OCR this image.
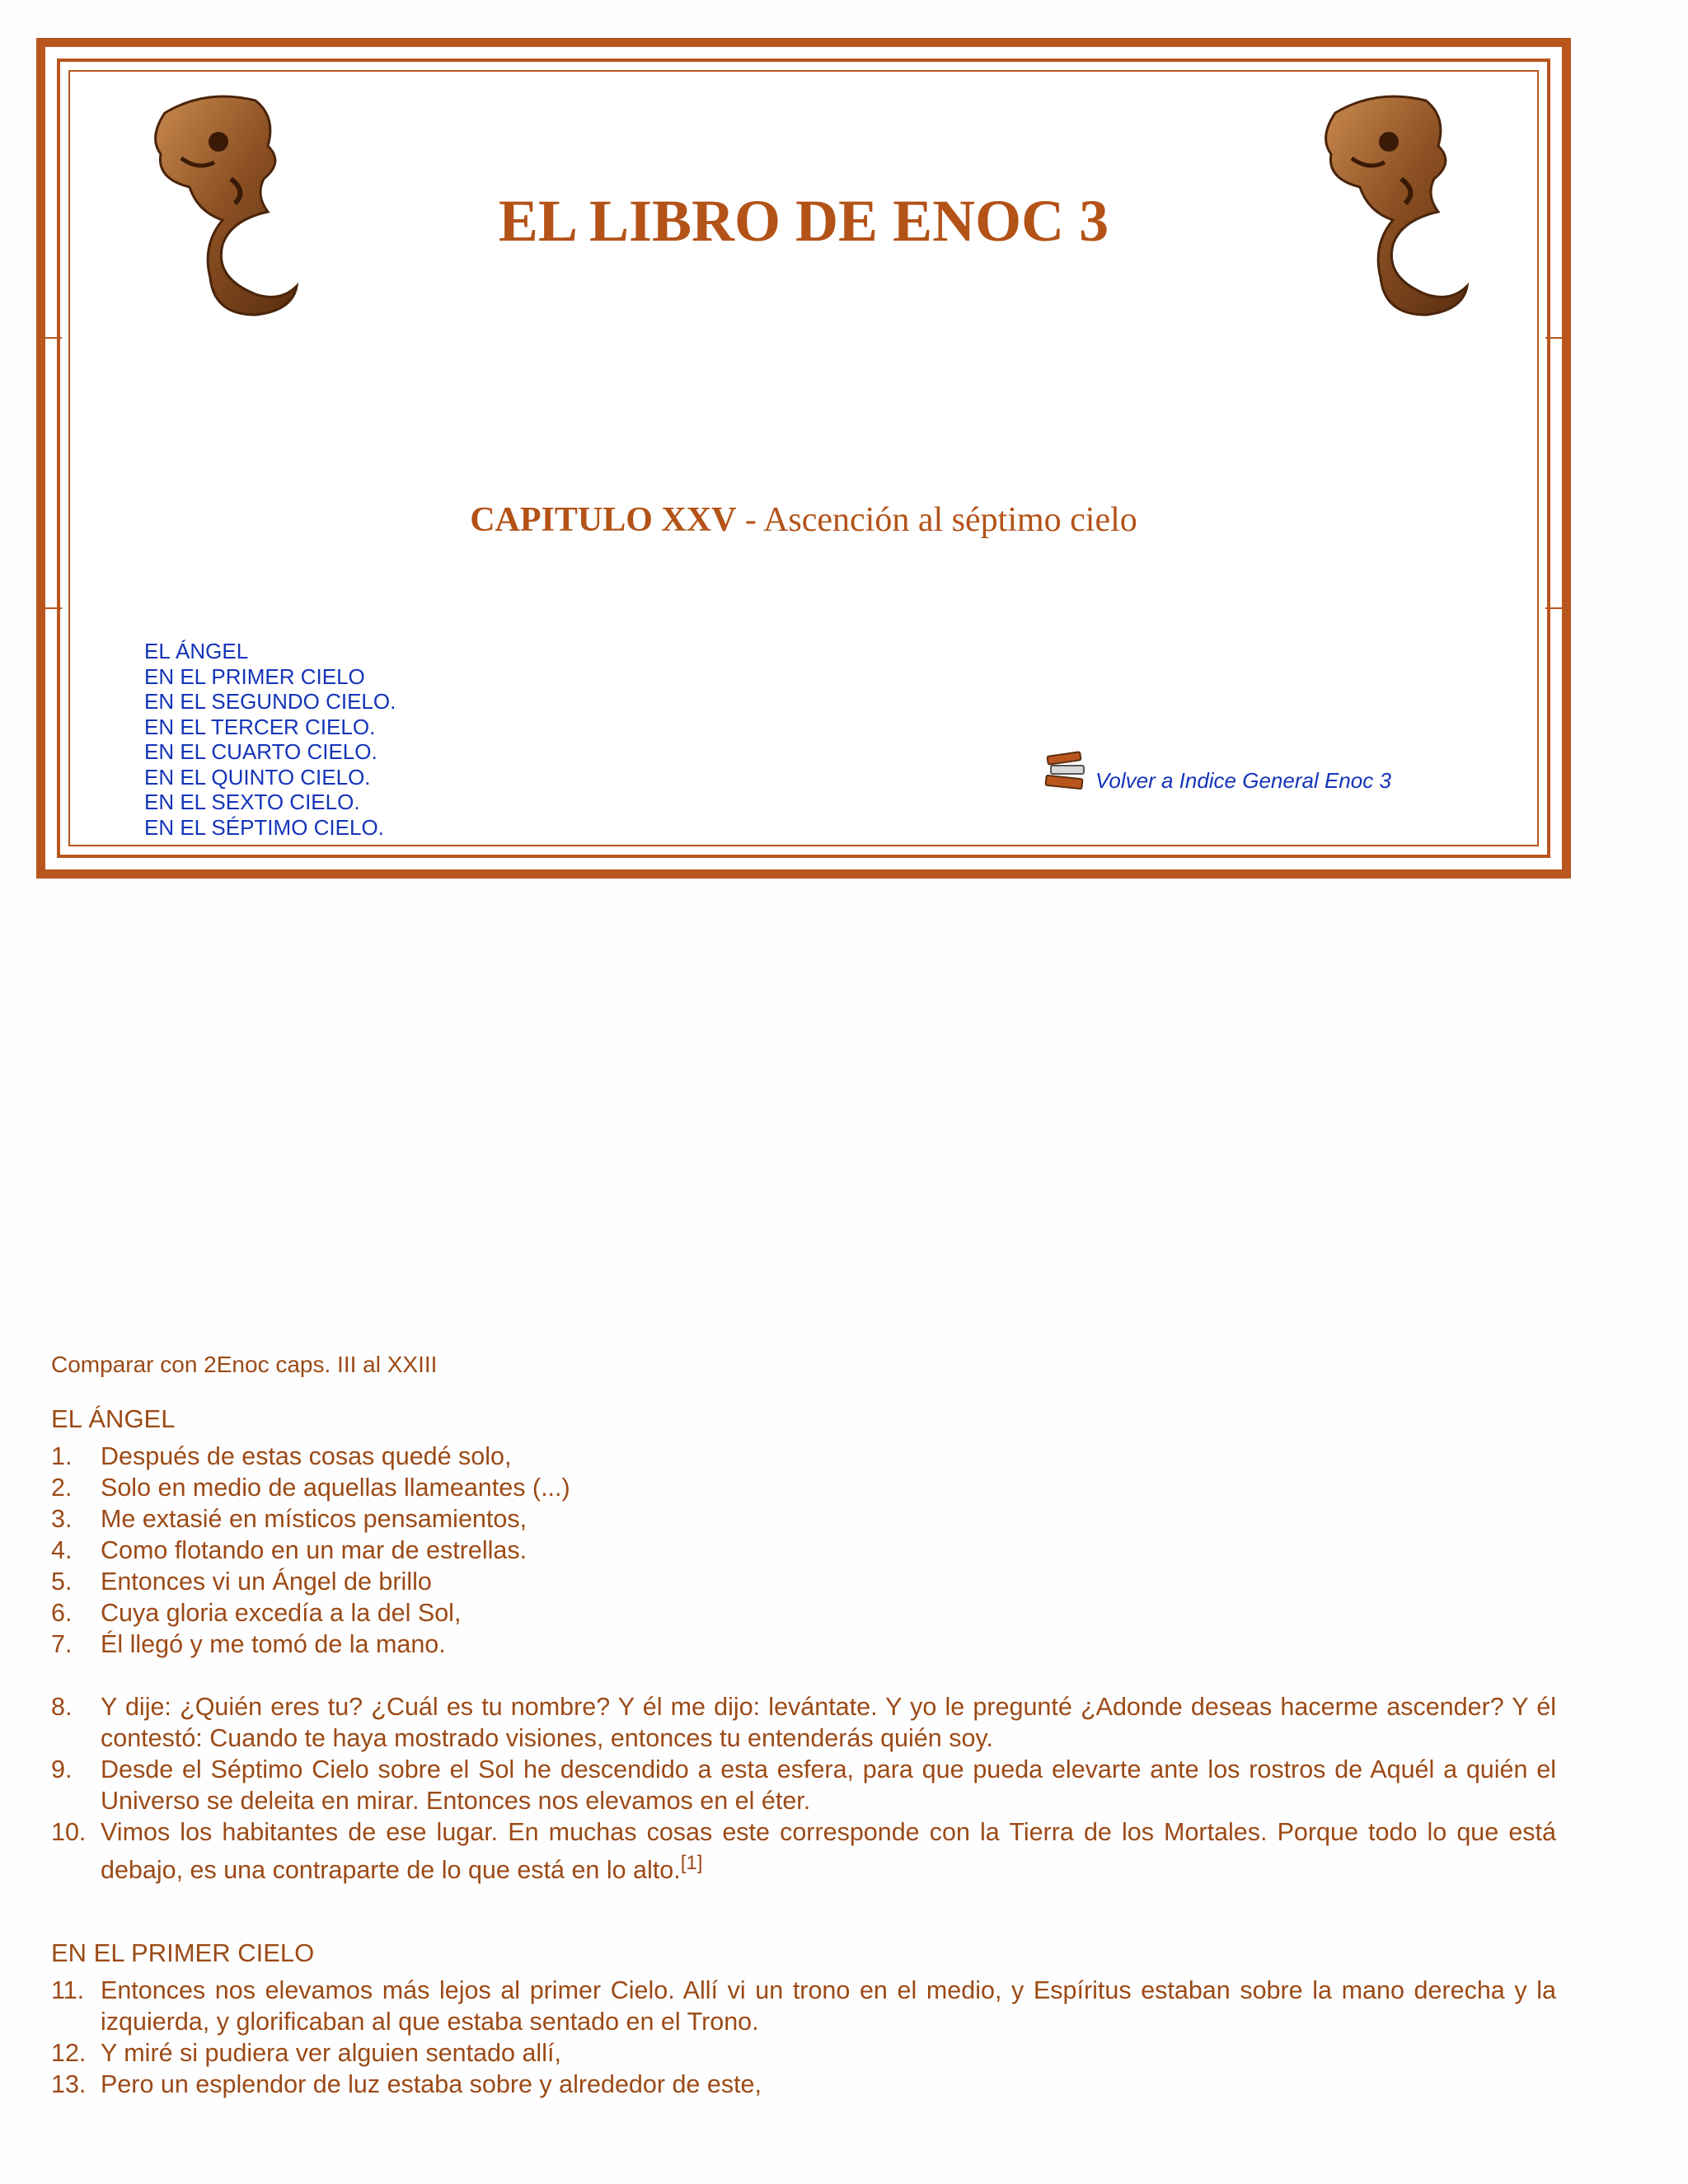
EL LIBRO DE ENOC 3
CAPITULO XXV - Ascención al séptimo cielo
EL ÁNGEL
EN EL PRIMER CIELO
EN EL SEGUNDO CIELO.
EN EL TERCER CIELO.
EN EL CUARTO CIELO.
EN EL QUINTO CIELO.
EN EL SEXTO CIELO.
EN EL SÉPTIMO CIELO.
Volver a Indice General Enoc 3

Comparar con 2Enoc caps. III al XXIII

EL ÁNGEL
1. Después de estas cosas quedé solo,
2. Solo en medio de aquellas llameantes (...)
3. Me extasié en místicos pensamientos,
4. Como flotando en un mar de estrellas.
5. Entonces vi un Ángel de brillo
6. Cuya gloria excedía a la del Sol,
7. Él llegó y me tomó de la mano.
8. Y dije: ¿Quién eres tu? ¿Cuál es tu nombre? Y él me dijo: levántate. Y yo le pregunté ¿Adonde deseas hacerme ascender? Y él contestó: Cuando te haya mostrado visiones, entonces tu entenderás quién soy.
9. Desde el Séptimo Cielo sobre el Sol he descendido a esta esfera, para que pueda elevarte ante los rostros de Aquél a quién el Universo se deleita en mirar. Entonces nos elevamos en el éter.
10. Vimos los habitantes de ese lugar. En muchas cosas este corresponde con la Tierra de los Mortales. Porque todo lo que está debajo, es una contraparte de lo que está en lo alto.[1]
EN EL PRIMER CIELO
11. Entonces nos elevamos más lejos al primer Cielo. Allí vi un trono en el medio, y Espíritus estaban sobre la mano derecha y la izquierda, y glorificaban al que estaba sentado en el Trono.
12. Y miré si pudiera ver alguien sentado allí,
13. Pero un esplendor de luz estaba sobre y alrededor de este,
